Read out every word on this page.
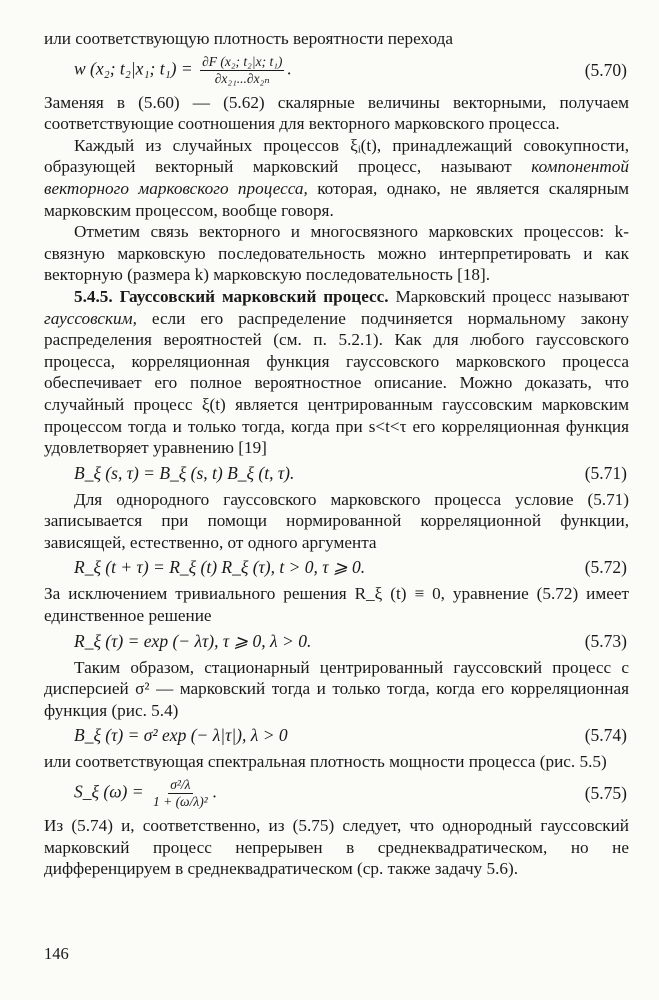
или соответствующую плотность вероятности перехода

w (x₂; t₂|x₁; $t_1) = \frac{\text{∂F (x₂; t₂|x; t₁)}}{\text{∂x₂₁...∂x₂ₙ}}$ .	(5.70)

Заменяя в (5.60) — (5.62) скалярные величины векторными, получаем соответствующие соотношения для векторного марковского процесса.

Каждый из случайных процессов ξᵢ(t), принадлежащий совокупности, образующей векторный марковский процесс, называют компонентой векторного марковского процесса, которая, однако, не является скалярным марковским процессом, вообще говоря.

Отметим связь векторного и многосвязного марковских процессов: k-связную марковскую последовательность можно интерпретировать и как векторную (размера k) марковскую последовательность [18].

5.4.5. Гауссовский марковский процесс. Марковский процесс называют гауссовским, если его распределение подчиняется нормальному закону распределения вероятностей (см. п. 5.2.1). Как для любого гауссовского процесса, корреляционная функция гауссовского марковского процесса обеспечивает его полное вероятностное описание. Можно доказать, что случайный процесс ξ(t) является центрированным гауссовским марковским процессом тогда и только тогда, когда при s<t<τ его корреляционная функция удовлетворяет уравнению [19]

B_ξ (s, τ) = B_ξ (s, t) B_ξ (t, τ).	(5.71)

Для однородного гауссовского марковского процесса условие (5.71) записывается при помощи нормированной корреляционной функции, зависящей, естественно, от одного аргумента

R_ξ (t + τ) = R_ξ (t) R_ξ (τ), t > 0, τ ⩾ 0.	(5.72)

За исключением тривиального решения R_ξ (t) ≡ 0, уравнение (5.72) имеет единственное решение

R_ξ (τ) = exp (− λτ), τ ⩾ 0, λ > 0.	(5.73)

Таким образом, стационарный центрированный гауссовский процесс с дисперсией σ² — марковский тогда и только тогда, когда его корреляционная функция (рис. 5.4)

B_ξ (τ) = σ² exp (− λ|τ|), λ > 0	(5.74)

или соответствующая спектральная плотность мощности процесса (рис. 5.5)

S_ξ $(\omega) = \frac{\text{σ²/λ}}{\text{1 + (ω/λ)²}}$ .	(5.75)

Из (5.74) и, соответственно, из (5.75) следует, что однородный гауссовский марковский процесс непрерывен в среднеквадратическом, но не дифференцируем в среднеквадратическом (ср. также задачу 5.6).

146
